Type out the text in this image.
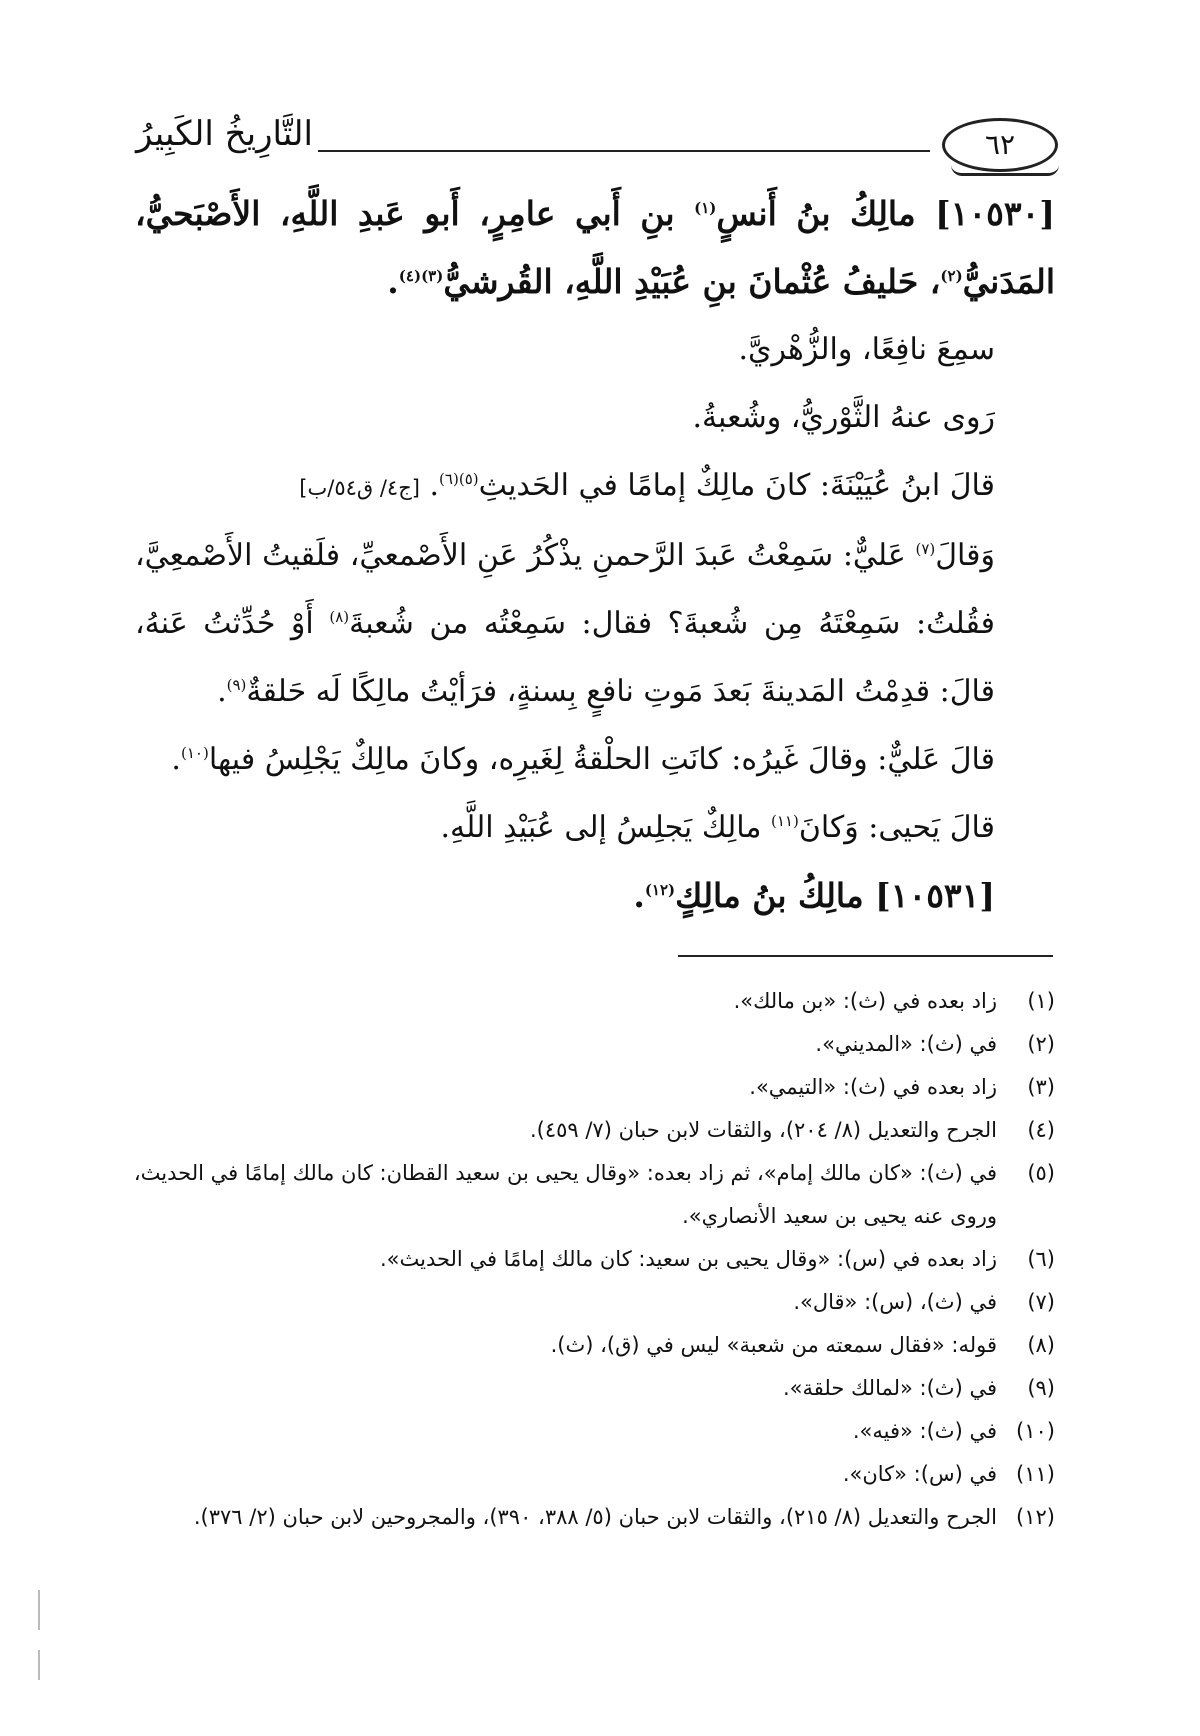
التَّارِيخُ الكَبِيرُ	٦٢

[١٠٥٣٠] مالِكُ بنُ أَنسٍ$^{(١)}$ بنِ أَبي عامِرٍ، أَبو عَبدِ اللَّهِ، الأَصْبَحيُّ، المَدَنيُّ$^{(٢)}$، حَليفُ عُثْمانَ بنِ عُبَيْدِ اللَّهِ، القُرشيُّ$^{(٣)(٤)}$.

سمِعَ نافِعًا، والزُّهْريَّ.

رَوى عنهُ الثَّوْريُّ، وشُعبةُ.

قالَ ابنُ عُيَيْنَةَ: كانَ مالِكٌ إمامًا في الحَديثِ$^{(٥)(٦)}$. [ج٤/ ق٥٤/ب]

وَقالَ$^{(٧)}$ عَليٌّ: سَمِعْتُ عَبدَ الرَّحمنِ يذْكُرُ عَنِ الأَصْمعيِّ، فلَقيتُ الأَصْمعِيَّ، فقُلتُ: سَمِعْتَهُ مِن شُعبةَ؟ فقال: سَمِعْتُه من شُعبةَ$^{(٨)}$ أَوْ حُدِّثتُ عَنهُ، قالَ: قدِمْتُ المَدينةَ بَعدَ مَوتِ نافعٍ بِسنةٍ، فرَأيْتُ مالِكًا لَه حَلقةٌ$^{(٩)}$.

قالَ عَليٌّ: وقالَ غَيرُه: كانَتِ الحلْقةُ لِغَيرِه، وكانَ مالِكٌ يَجْلِسُ فيها$^{(١٠)}$.

قالَ يَحيى: وَكانَ$^{(١١)}$ مالِكٌ يَجلِسُ إلى عُبَيْدِ اللَّهِ.

[١٠٥٣١] مالِكُ بنُ مالِكٍ$^{(١٢)}$.

(١)
زاد بعده في (ث): «بن مالك».
(٢)
في (ث): «المديني».
(٣)
زاد بعده في (ث): «التيمي».
(٤)
الجرح والتعديل (٨/ ٢٠٤)، والثقات لابن حبان (٧/ ٤٥٩).
(٥)
في (ث): «كان مالك إمام»، ثم زاد بعده: «وقال يحيى بن سعيد القطان: كان مالك إمامًا في الحديث، وروى عنه يحيى بن سعيد الأنصاري».
(٦)
زاد بعده في (س): «وقال يحيى بن سعيد: كان مالك إمامًا في الحديث».
(٧)
في (ث)، (س): «قال».
(٨)
قوله: «فقال سمعته من شعبة» ليس في (ق)، (ث).
(٩)
في (ث): «لمالك حلقة».
(١٠)
في (ث): «فيه».
(١١)
في (س): «كان».
(١٢)
الجرح والتعديل (٨/ ٢١٥)، والثقات لابن حبان (٥/ ٣٨٨، ٣٩٠)، والمجروحين لابن حبان (٢/ ٣٧٦).
